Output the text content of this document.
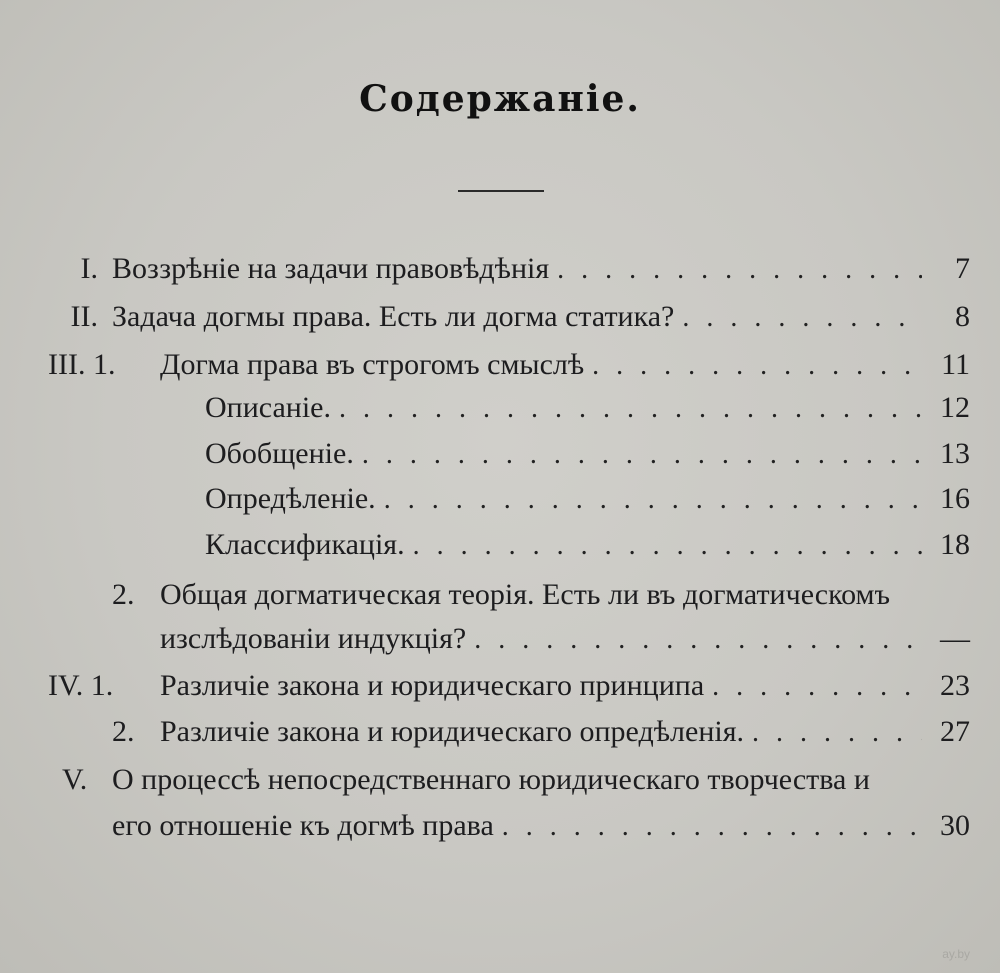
Содержаніе.
I. Воззрѣніе на задачи правовѣдѣнія . . .	7
II. Задача догмы права. Есть ли догма статика? . . .	8
III. 1.	Догма права въ строгомъ смыслѣ . . .	11
Описаніе. . . .	12
Обобщеніе. . . .	13
Опредѣленіе. . . .	16
Классификація. . . .	18
2. Общая догматическая теорія. Есть ли въ догматическомъ
изслѣдованіи индукція? . . .	—
IV. 1.	Различіе закона и юридическаго принципа . . .	23
2. Различіе закона и юридическаго опредѣленія. . . .	27
V. О процессѣ непосредственнаго юридическаго творчества и
его отношеніе къ догмѣ права . . .	30
ay.by
